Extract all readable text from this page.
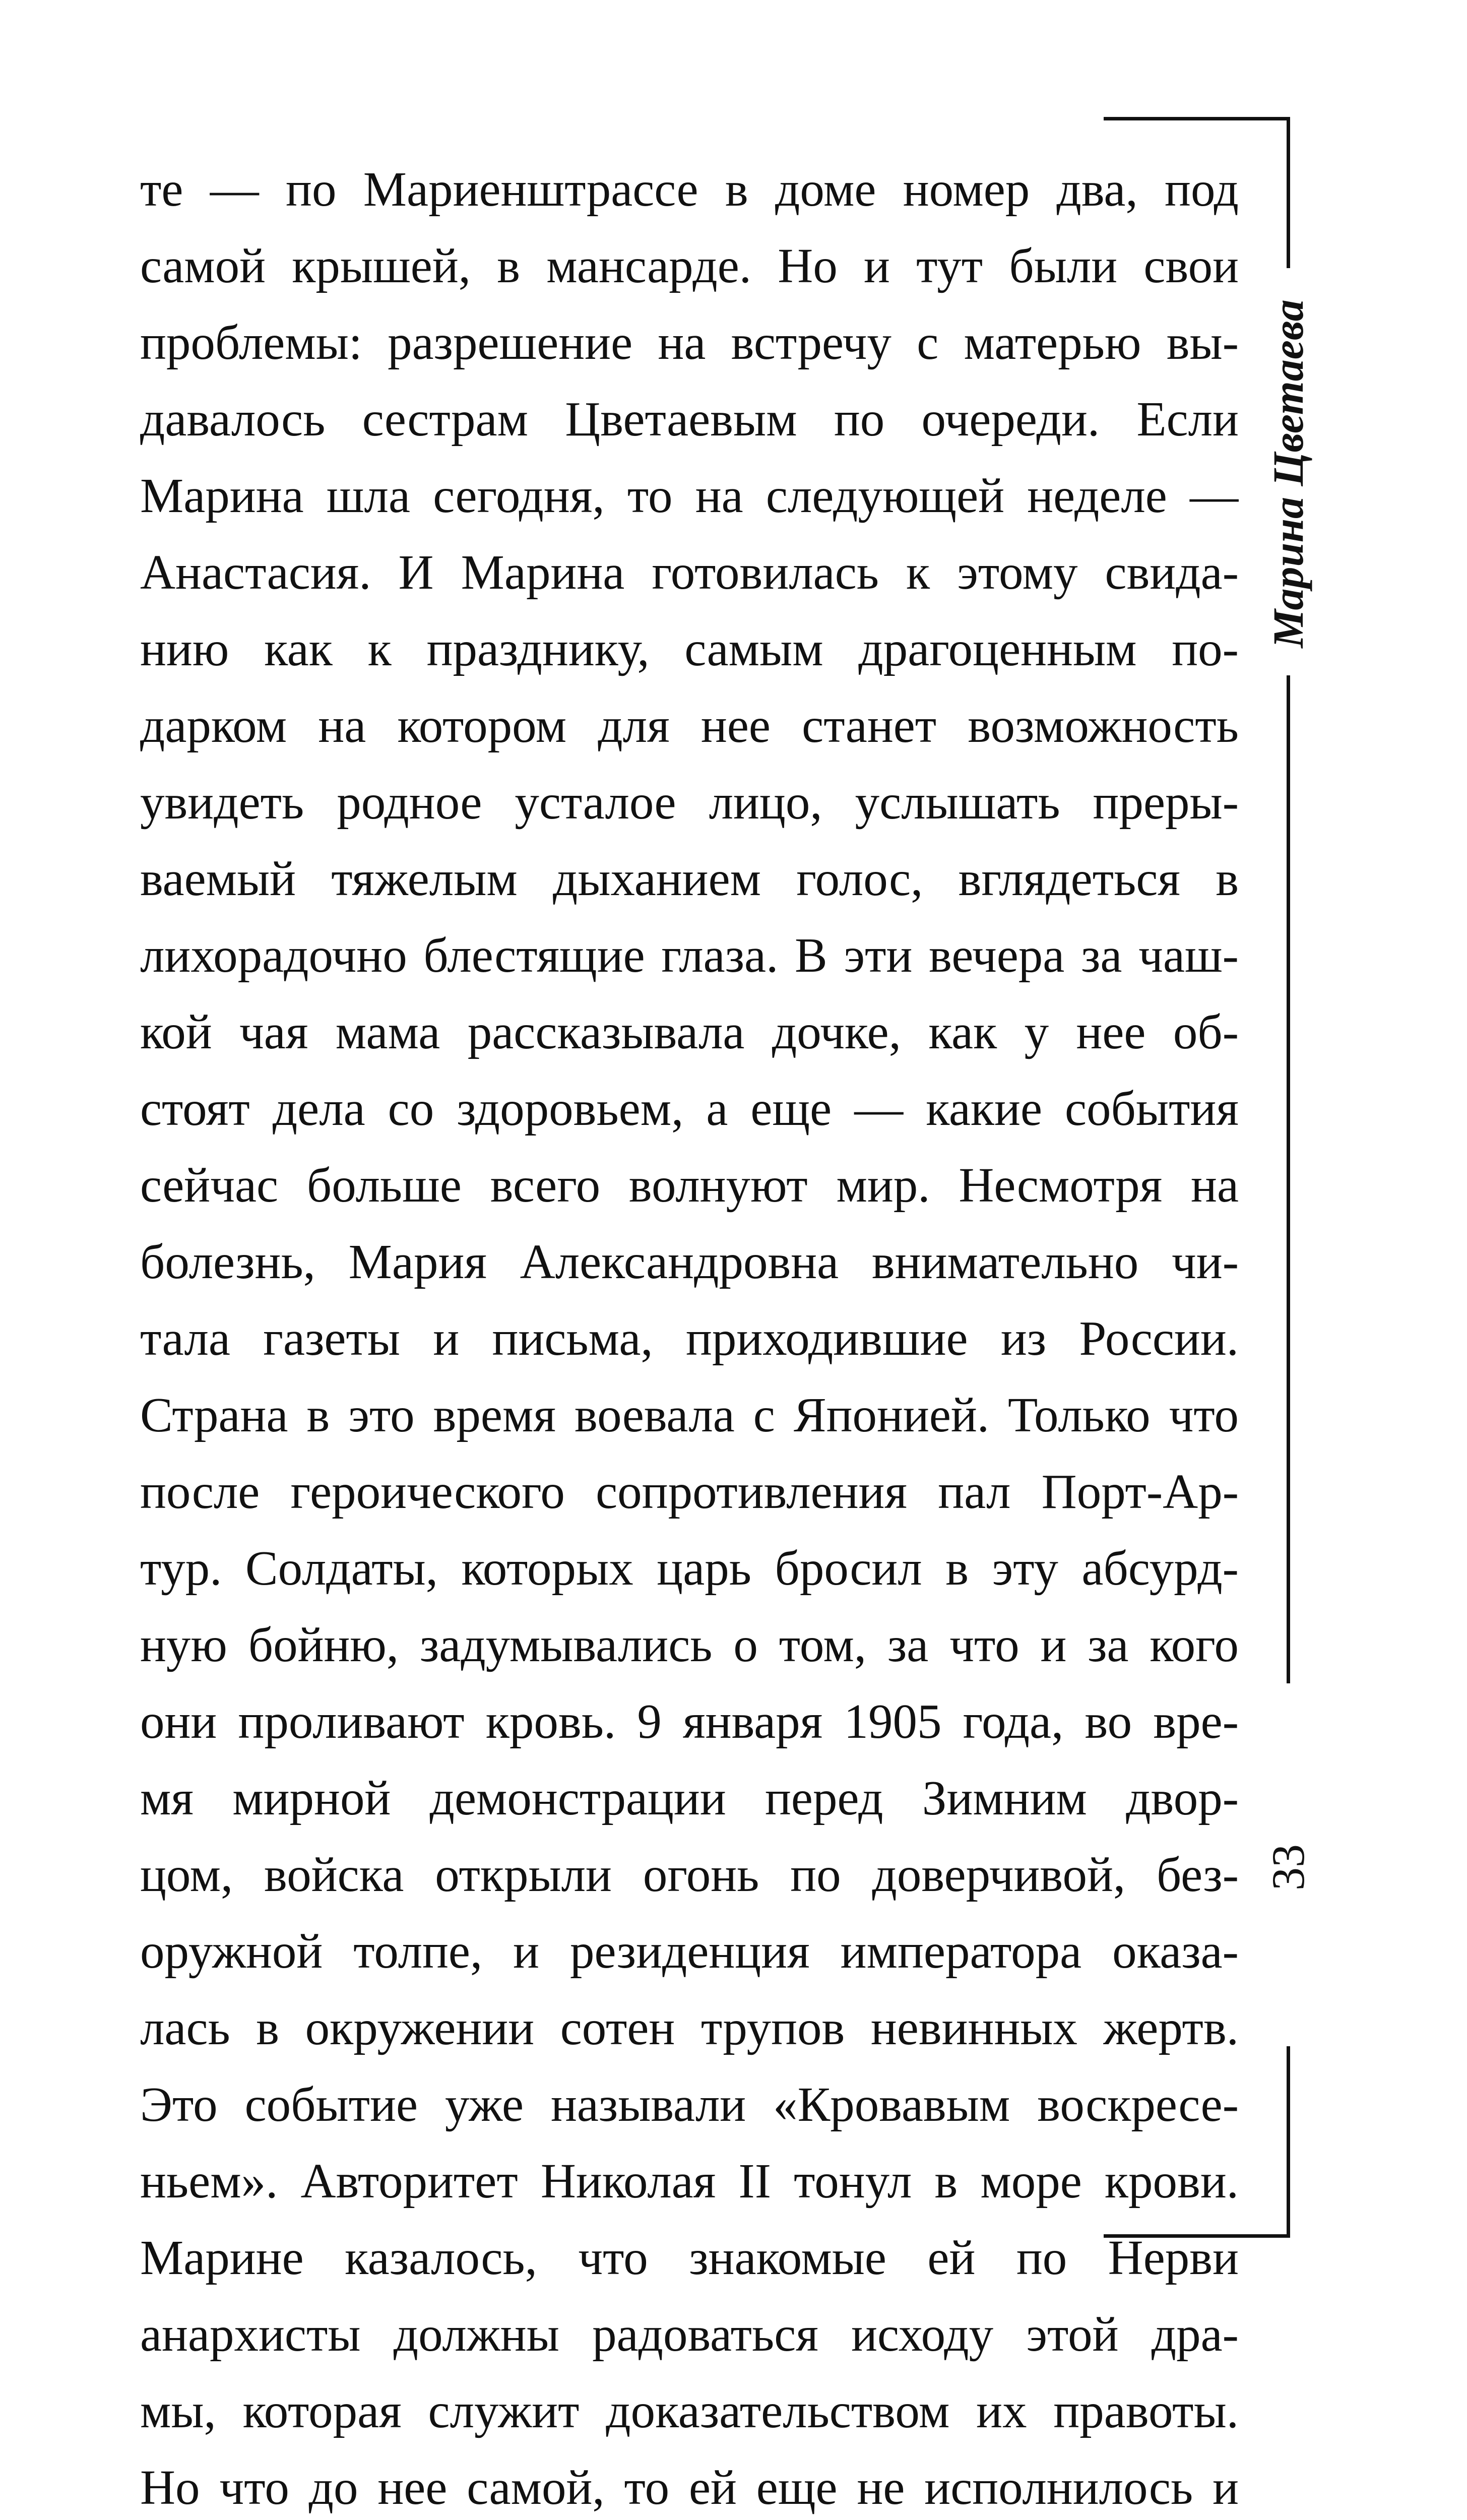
Марина Цветаева
33
те — по Мариенштрассе в доме номер два, под
самой крышей, в мансарде. Но и тут были свои
проблемы: разрешение на встречу с матерью вы-
давалось сестрам Цветаевым по очереди. Если
Марина шла сегодня, то на следующей неделе —
Анастасия. И Марина готовилась к этому свида-
нию как к празднику, самым драгоценным по-
дарком на котором для нее станет возможность
увидеть родное усталое лицо, услышать преры-
ваемый тяжелым дыханием голос, вглядеться в
лихорадочно блестящие глаза. В эти вечера за чаш-
кой чая мама рассказывала дочке, как у нее об-
стоят дела со здоровьем, а еще — какие события
сейчас больше всего волнуют мир. Несмотря на
болезнь, Мария Александровна внимательно чи-
тала газеты и письма, приходившие из России.
Страна в это время воевала с Японией. Только что
после героического сопротивления пал Порт-Ар-
тур. Солдаты, которых царь бросил в эту абсурд-
ную бойню, задумывались о том, за что и за кого
они проливают кровь. 9 января 1905 года, во вре-
мя мирной демонстрации перед Зимним двор-
цом, войска открыли огонь по доверчивой, без-
оружной толпе, и резиденция императора оказа-
лась в окружении сотен трупов невинных жертв.
Это событие уже называли «Кровавым воскресе-
ньем». Авторитет Николая II тонул в море крови.
Марине казалось, что знакомые ей по Нерви
анархисты должны радоваться исходу этой дра-
мы, которая служит доказательством их правоты.
Но что до нее самой, то ей еще не исполнилось и
